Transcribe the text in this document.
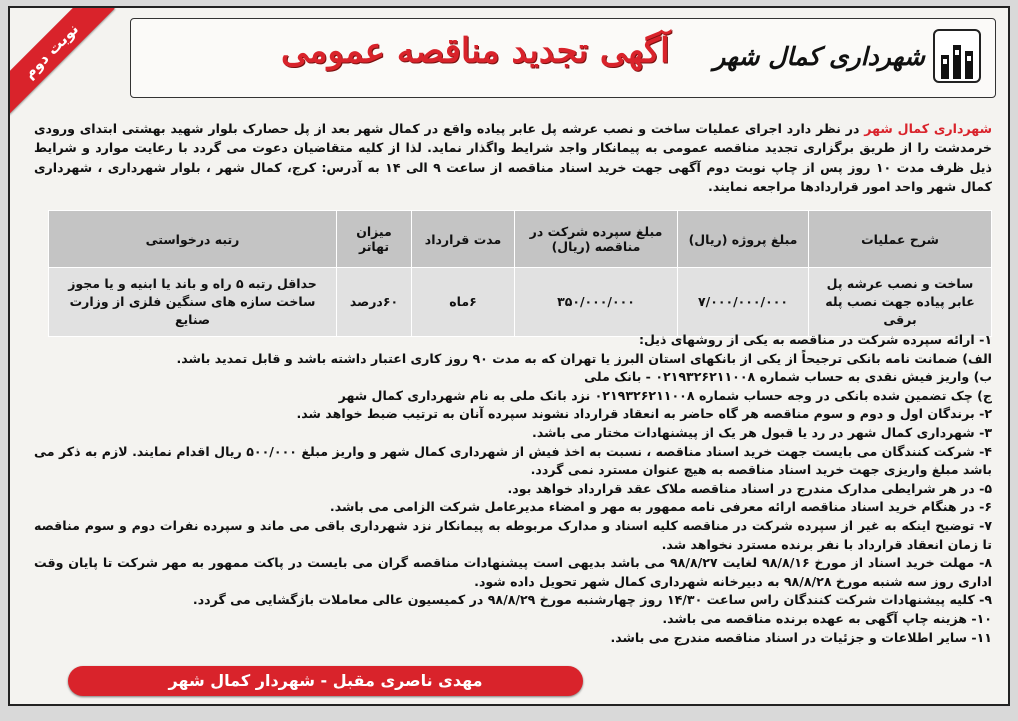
نوبت دوم	آگهی تجدید مناقصه عمومی شهرداری کمال شهر

شهرداری کمال شهر در نظر دارد اجرای عملیات ساخت و نصب عرشه پل عابر پیاده واقع در کمال شهر بعد از پل حصارک بلوار شهید بهشتی ابتدای ورودی خرمدشت را از طریق برگزاری تجدید مناقصه عمومی به پیمانکار واجد شرایط واگذار نماید. لذا از کلیه متقاضیان دعوت می گردد با رعایت موارد و شرایط ذیل ظرف مدت ۱۰ روز پس از چاپ نوبت دوم آگهی جهت خرید اسناد مناقصه از ساعت ۹ الی ۱۴ به آدرس: کرج، کمال شهر ، بلوار شهرداری ، شهرداری کمال شهر واحد امور قراردادها مراجعه نمایند.

شرح عملیات	مبلغ پروژه (ریال)	مبلغ سپرده شرکت در مناقصه (ریال)	مدت قرارداد	میزان تهاتر	رتبه درخواستی
ساخت و نصب عرشه پل عابر پیاده جهت نصب پله برقی	۷/۰۰۰/۰۰۰/۰۰۰	۳۵۰/۰۰۰/۰۰۰	۶ماه	۶۰درصد	حداقل رتبه ۵ راه و باند یا ابنیه و یا مجوز ساخت سازه های سنگین فلزی از وزارت صنایع
۱- ارائه سپرده شرکت در مناقصه به یکی از روشهای ذیل:
الف) ضمانت نامه بانکی ترجیحاً از یکی از بانکهای استان البرز یا تهران که به مدت ۹۰ روز کاری اعتبار داشته باشد و قابل تمدید باشد.
ب) واریز فیش نقدی به حساب شماره ۰۲۱۹۳۲۶۲۱۱۰۰۸ - بانک ملی
ج) چک تضمین شده بانکی در وجه حساب شماره ۰۲۱۹۳۲۶۲۱۱۰۰۸ نزد بانک ملی به نام شهرداری کمال شهر
۲- برندگان اول و دوم و سوم مناقصه هر گاه حاضر به انعقاد قرارداد نشوند سپرده آنان به ترتیب ضبط خواهد شد.
۳- شهرداری کمال شهر در رد یا قبول هر یک از پیشنهادات مختار می باشد.
۴- شرکت کنندگان می بایست جهت خرید اسناد مناقصه ، نسبت به اخذ فیش از شهرداری کمال شهر و واریز مبلغ ۵۰۰/۰۰۰ ریال اقدام نمایند. لازم به ذکر می باشد مبلغ واریزی جهت خرید اسناد مناقصه به هیچ عنوان مسترد نمی گردد.
۵- در هر شرایطی مدارک مندرج در اسناد مناقصه ملاک عقد قرارداد خواهد بود.
۶- در هنگام خرید اسناد مناقصه ارائه معرفی نامه ممهور به مهر و امضاء مدیرعامل شرکت الزامی می باشد.
۷- توضیح اینکه به غیر از سپرده شرکت در مناقصه کلیه اسناد و مدارک مربوطه به پیمانکار نزد شهرداری باقی می ماند و سپرده نفرات دوم و سوم مناقصه تا زمان انعقاد قرارداد با نفر برنده مسترد نخواهد شد.
۸- مهلت خرید اسناد از مورخ ۹۸/۸/۱۶ لغایت ۹۸/۸/۲۷ می باشد بدیهی است پیشنهادات مناقصه گران می بایست در پاکت ممهور به مهر شرکت تا پایان وقت اداری روز سه شنبه مورخ ۹۸/۸/۲۸ به دبیرخانه شهرداری کمال شهر تحویل داده شود.
۹- کلیه پیشنهادات شرکت کنندگان راس ساعت ۱۴/۳۰ روز چهارشنبه مورخ ۹۸/۸/۲۹ در کمیسیون عالی معاملات بازگشایی می گردد.
۱۰- هزینه چاپ آگهی به عهده برنده مناقصه می باشد.
۱۱- سایر اطلاعات و جزئیات در اسناد مناقصه مندرج می باشد.
مهدی ناصری مقبل - شهردار کمال شهر
